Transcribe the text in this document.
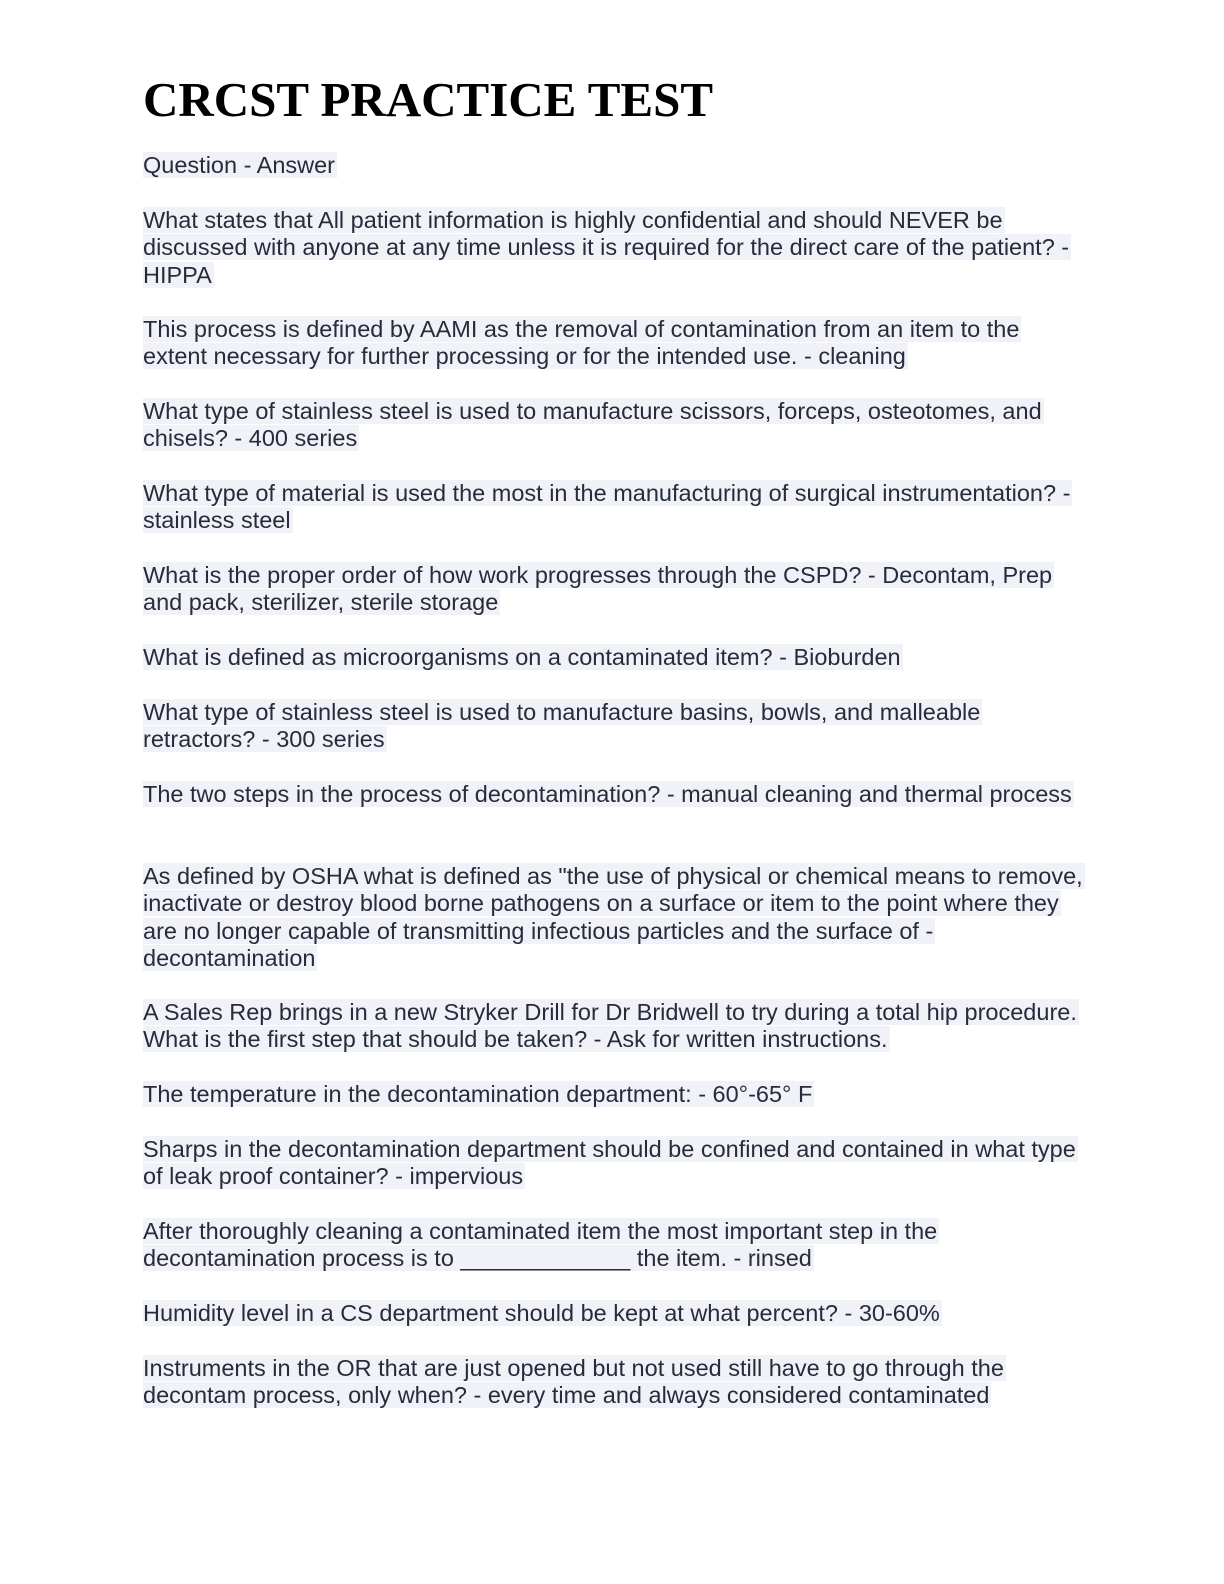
CRCST PRACTICE TEST
Question - Answer

What states that All patient information is highly confidential and should NEVER be discussed with anyone at any time unless it is required for the direct care of the patient? - HIPPA

This process is defined by AAMI as the removal of contamination from an item to the extent necessary for further processing or for the intended use. - cleaning

What type of stainless steel is used to manufacture scissors, forceps, osteotomes, and chisels? - 400 series

What type of material is used the most in the manufacturing of surgical instrumentation? - stainless steel

What is the proper order of how work progresses through the CSPD? - Decontam, Prep and pack, sterilizer, sterile storage

What is defined as microorganisms on a contaminated item? - Bioburden

What type of stainless steel is used to manufacture basins, bowls, and malleable retractors? - 300 series

The two steps in the process of decontamination? - manual cleaning and thermal process

As defined by OSHA what is defined as "the use of physical or chemical means to remove, inactivate or destroy blood borne pathogens on a surface or item to the point where they are no longer capable of transmitting infectious particles and the surface of - decontamination

A Sales Rep brings in a new Stryker Drill for Dr Bridwell to try during a total hip procedure. What is the first step that should be taken? - Ask for written instructions.

The temperature in the decontamination department: - 60°-65° F

Sharps in the decontamination department should be confined and contained in what type of leak proof container? - impervious

After thoroughly cleaning a contaminated item the most important step in the decontamination process is to _____________ the item. - rinsed

Humidity level in a CS department should be kept at what percent? - 30-60%

Instruments in the OR that are just opened but not used still have to go through the decontam process, only when? - every time and always considered contaminated
